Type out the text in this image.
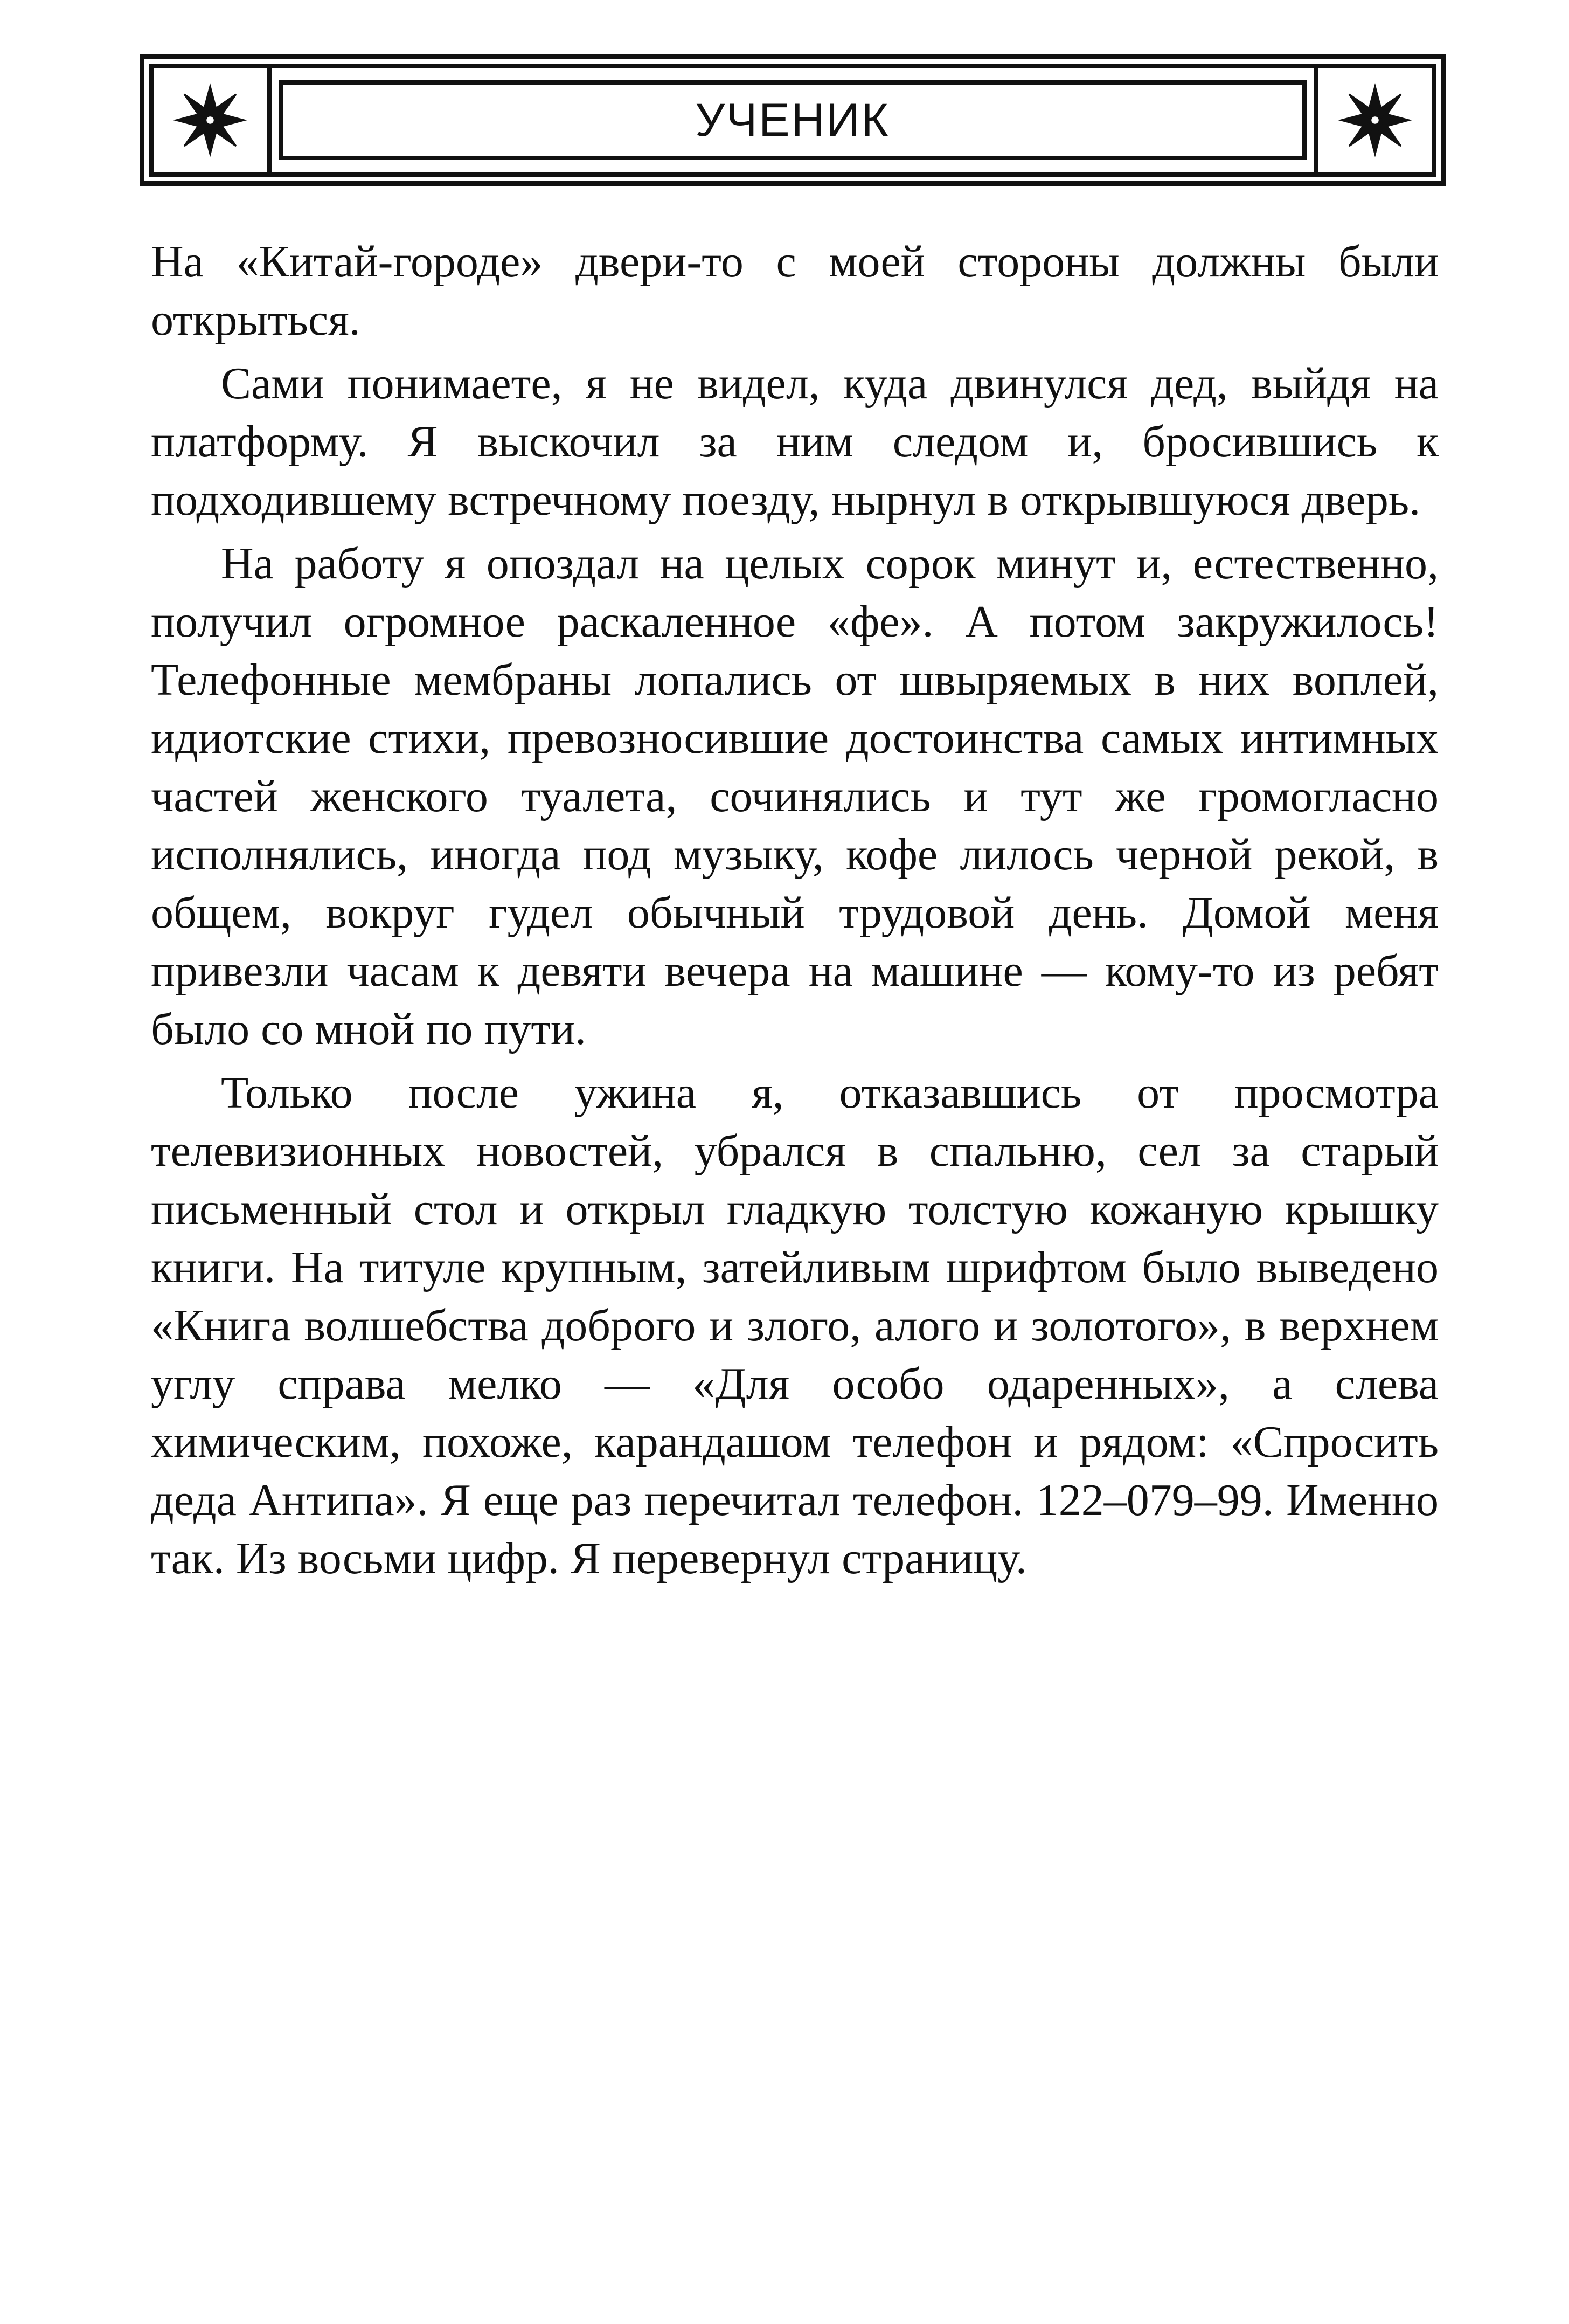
УЧЕНИК

На «Китай-городе» двери-то с моей стороны должны были открыться.

Сами понимаете, я не видел, куда двинулся дед, выйдя на платформу. Я выскочил за ним следом и, бросившись к подходившему встречному поезду, нырнул в открывшуюся дверь.

На работу я опоздал на целых сорок минут и, естественно, получил огромное раскаленное «фе». А потом закружилось! Телефонные мембраны лопались от швыряемых в них воплей, идиотские стихи, превозносившие достоинства самых интимных частей женского туалета, сочинялись и тут же громогласно исполнялись, иногда под музыку, кофе лилось черной рекой, в общем, вокруг гудел обычный трудовой день. Домой меня привезли часам к девяти вечера на машине — кому-то из ребят было со мной по пути.

Только после ужина я, отказавшись от просмотра телевизионных новостей, убрался в спальню, сел за старый письменный стол и открыл гладкую толстую кожаную крышку книги. На титуле крупным, затейливым шрифтом было выведено «Книга волшебства доброго и злого, алого и золотого», в верхнем углу справа мелко — «Для особо одаренных», а слева химическим, похоже, карандашом телефон и рядом: «Спросить деда Антипа». Я еще раз перечитал телефон. 122–079–99. Именно так. Из восьми цифр. Я перевернул страницу.
